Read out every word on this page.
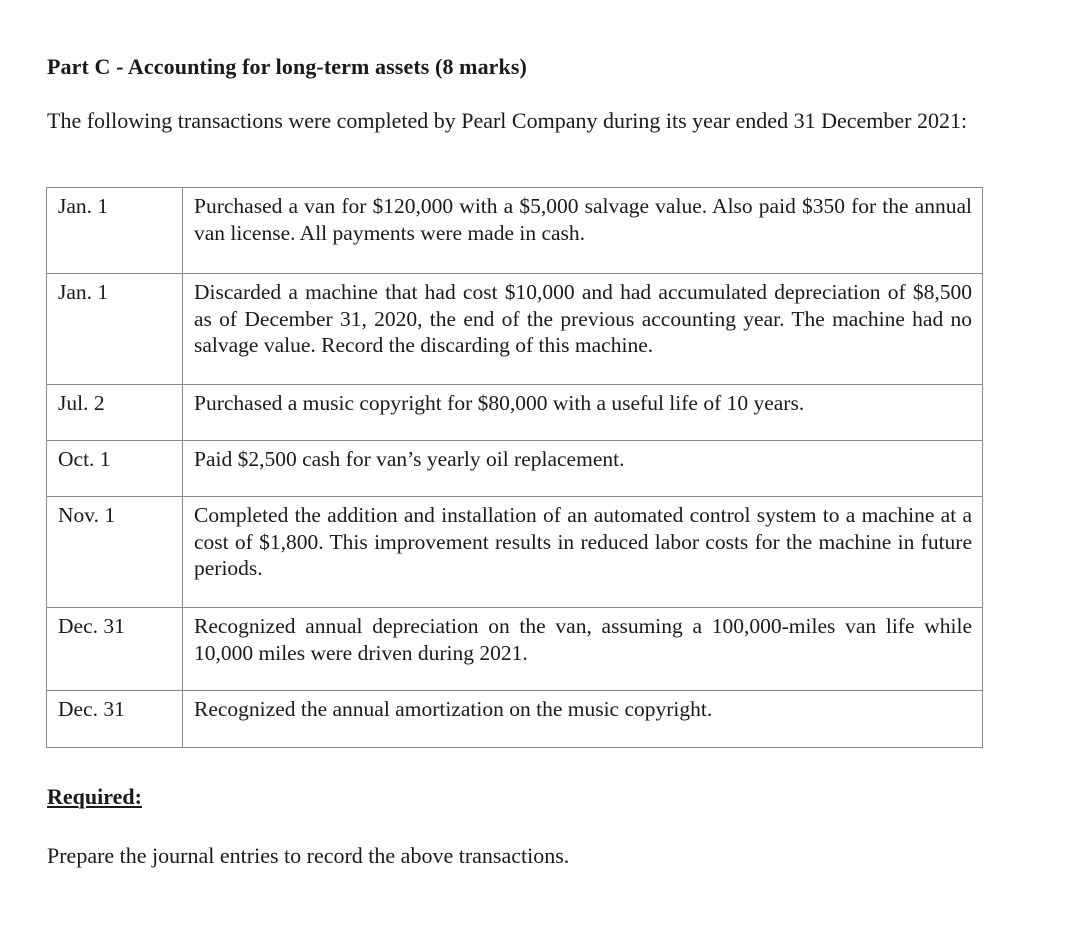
Part C - Accounting for long-term assets (8 marks)
The following transactions were completed by Pearl Company during its year ended 31 December 2021:
Jan. 1	Purchased a van for $120,000 with a $5,000 salvage value. Also paid $350 for the annual van license. All payments were made in cash.
Jan. 1	Discarded a machine that had cost $10,000 and had accumulated depreciation of $8,500 as of December 31, 2020, the end of the previous accounting year. The machine had no salvage value. Record the discarding of this machine.
Jul. 2	Purchased a music copyright for $80,000 with a useful life of 10 years.
Oct. 1	Paid $2,500 cash for van’s yearly oil replacement.
Nov. 1	Completed the addition and installation of an automated control system to a machine at a cost of $1,800. This improvement results in reduced labor costs for the machine in future periods.
Dec. 31	Recognized annual depreciation on the van, assuming a 100,000-miles van life while 10,000 miles were driven during 2021.
Dec. 31	Recognized the annual amortization on the music copyright.
Required:
Prepare the journal entries to record the above transactions.
